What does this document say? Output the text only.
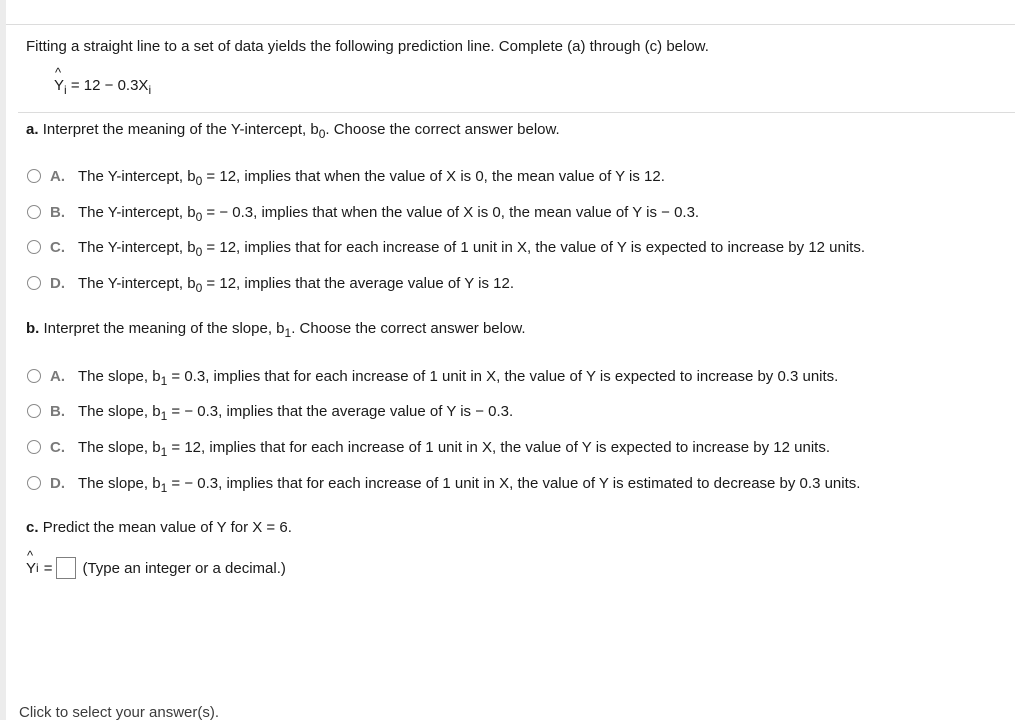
Fitting a straight line to a set of data yields the following prediction line. Complete (a) through (c) below.
^ $Y_i = 12 - 0.3X_i$
a. Interpret the meaning of the Y-intercept, $b_0$. Choose the correct answer below.
A. The Y-intercept, $b_0 = 12$, implies that when the value of X is 0, the mean value of Y is 12.
B. The Y-intercept, $b_0$ = − 0.3, implies that when the value of X is 0, the mean value of Y is − 0.3.
C. The Y-intercept, $b_0 = 12$, implies that for each increase of 1 unit in X, the value of Y is expected to increase by 12 units.
D. The Y-intercept, $b_0 = 12$, implies that the average value of Y is 12.
b. Interpret the meaning of the slope, $b_1$. Choose the correct answer below.
A. The slope, $b_1 = 0.3$, implies that for each increase of 1 unit in X, the value of Y is expected to increase by 0.3 units.
B. The slope, $b_1$ = − 0.3, implies that the average value of Y is − 0.3.
C. The slope, $b_1 = 12$, implies that for each increase of 1 unit in X, the value of Y is expected to increase by 12 units.
D. The slope, $b_1$ = − 0.3, implies that for each increase of 1 unit in X, the value of Y is estimated to decrease by 0.3 units.
c. Predict the mean value of Y for X = 6.
^ Y i = (Type an integer or a decimal.)
Click to select your answer(s).
